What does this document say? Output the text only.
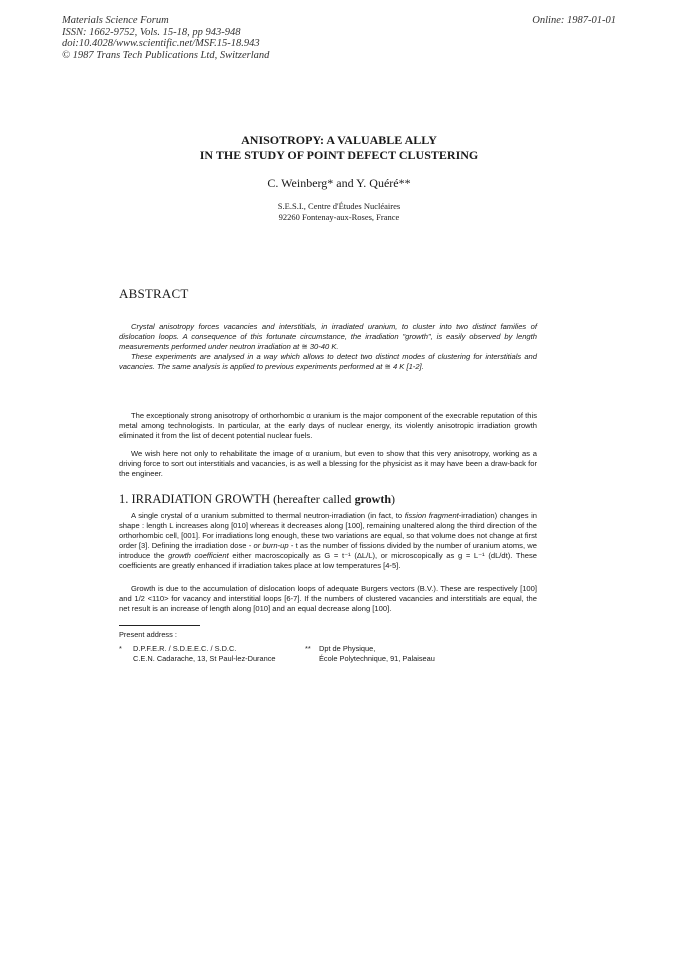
Materials Science Forum
ISSN: 1662-9752, Vols. 15-18, pp 943-948
doi:10.4028/www.scientific.net/MSF.15-18.943
© 1987 Trans Tech Publications Ltd, Switzerland
Online: 1987-01-01
ANISOTROPY: A VALUABLE ALLY
IN THE STUDY OF POINT DEFECT CLUSTERING
C. Weinberg* and Y. Quéré**
S.E.S.I., Centre d'Études Nucléaires
92260 Fontenay-aux-Roses, France
ABSTRACT
Crystal anisotropy forces vacancies and interstitials, in irradiated uranium, to cluster into two distinct families of dislocation loops. A consequence of this fortunate circumstance, the irradiation "growth", is easily observed by length measurements performed under neutron irradiation at ≅ 30-40 K.
These experiments are analysed in a way which allows to detect two distinct modes of clustering for interstitials and vacancies. The same analysis is applied to previous experiments performed at ≅ 4 K [1-2].

The exceptionaly strong anisotropy of orthorhombic α uranium is the major component of the execrable reputation of this metal among technologists. In particular, at the early days of nuclear energy, its violently anisotropic irradiation growth eliminated it from the list of decent potential nuclear fuels.

We wish here not only to rehabilitate the image of α uranium, but even to show that this very anisotropy, working as a driving force to sort out interstitials and vacancies, is as well a blessing for the physicist as it may have been a draw-back for the engineer.

1. IRRADIATION GROWTH (hereafter called growth)

A single crystal of α uranium submitted to thermal neutron-irradiation (in fact, to fission fragment-irradiation) changes in shape : length L increases along [010] whereas it decreases along [100], remaining unaltered along the third direction of the orthorhombic cell, [001]. For irradiations long enough, these two variations are equal, so that volume does not change at first order [3]. Defining the irradiation dose - or burn-up - t as the number of fissions divided by the number of uranium atoms, we introduce the growth coefficient either macroscopically as G = t⁻¹ (ΔL/L), or microscopically as g = L⁻¹ (dL/dt). These coefficients are greatly enhanced if irradiation takes place at low temperatures [4-5].

Growth is due to the accumulation of dislocation loops of adequate Burgers vectors (B.V.). These are respectively [100] and 1/2 <110> for vacancy and interstitial loops [6-7]. If the numbers of clustered vacancies and interstitials are equal, the net result is an increase of length along [010] and an equal decrease along [100].

Present address :
* D.P.F.E.R. / S.D.E.E.C. / S.D.C.
C.E.N. Cadarache, 13, St Paul-lez-Durance
** Dpt de Physique,
École Polytechnique, 91, Palaiseau
